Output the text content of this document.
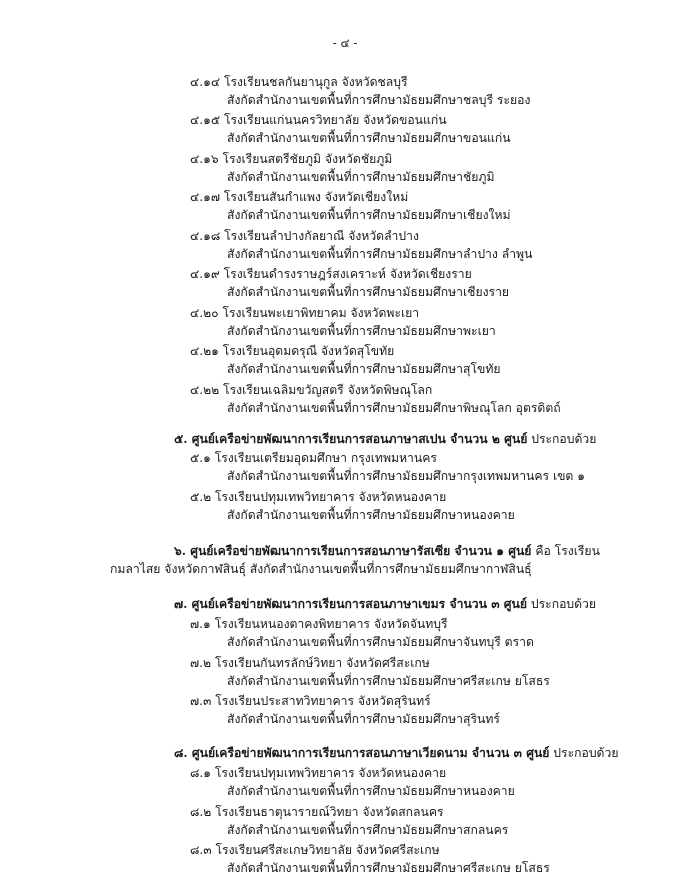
- ๔ -
๔.๑๔ โรงเรียนชลกันยานุกูล จังหวัดชลบุรี
สังกัดสำนักงานเขตพื้นที่การศึกษามัธยมศึกษาชลบุรี ระยอง
๔.๑๕ โรงเรียนแก่นนครวิทยาลัย จังหวัดขอนแก่น
สังกัดสำนักงานเขตพื้นที่การศึกษามัธยมศึกษาขอนแก่น
๔.๑๖ โรงเรียนสตรีชัยภูมิ จังหวัดชัยภูมิ
สังกัดสำนักงานเขตพื้นที่การศึกษามัธยมศึกษาชัยภูมิ
๔.๑๗ โรงเรียนสันกำแพง จังหวัดเชียงใหม่
สังกัดสำนักงานเขตพื้นที่การศึกษามัธยมศึกษาเชียงใหม่
๔.๑๘ โรงเรียนลำปางกัลยาณี จังหวัดลำปาง
สังกัดสำนักงานเขตพื้นที่การศึกษามัธยมศึกษาลำปาง ลำพูน
๔.๑๙ โรงเรียนดำรงราษฎร์สงเคราะห์ จังหวัดเชียงราย
สังกัดสำนักงานเขตพื้นที่การศึกษามัธยมศึกษาเชียงราย
๔.๒๐ โรงเรียนพะเยาพิทยาคม จังหวัดพะเยา
สังกัดสำนักงานเขตพื้นที่การศึกษามัธยมศึกษาพะเยา
๔.๒๑ โรงเรียนอุดมดรุณี จังหวัดสุโขทัย
สังกัดสำนักงานเขตพื้นที่การศึกษามัธยมศึกษาสุโขทัย
๔.๒๒ โรงเรียนเฉลิมขวัญสตรี จังหวัดพิษณุโลก
สังกัดสำนักงานเขตพื้นที่การศึกษามัธยมศึกษาพิษณุโลก อุตรดิตถ์
๕. ศูนย์เครือข่ายพัฒนาการเรียนการสอนภาษาสเปน จำนวน ๒ ศูนย์ ประกอบด้วย
๕.๑ โรงเรียนเตรียมอุดมศึกษา กรุงเทพมหานคร
สังกัดสำนักงานเขตพื้นที่การศึกษามัธยมศึกษากรุงเทพมหานคร เขต ๑
๕.๒ โรงเรียนปทุมเทพวิทยาคาร จังหวัดหนองคาย
สังกัดสำนักงานเขตพื้นที่การศึกษามัธยมศึกษาหนองคาย
๖. ศูนย์เครือข่ายพัฒนาการเรียนการสอนภาษารัสเซีย จำนวน ๑ ศูนย์ คือ โรงเรียน
กมลาไสย จังหวัดกาฬสินธุ์ สังกัดสำนักงานเขตพื้นที่การศึกษามัธยมศึกษากาฬสินธุ์
๗. ศูนย์เครือข่ายพัฒนาการเรียนการสอนภาษาเขมร จำนวน ๓ ศูนย์ ประกอบด้วย
๗.๑ โรงเรียนหนองตาคงพิทยาคาร จังหวัดจันทบุรี
สังกัดสำนักงานเขตพื้นที่การศึกษามัธยมศึกษาจันทบุรี ตราด
๗.๒ โรงเรียนกันทรลักษ์วิทยา จังหวัดศรีสะเกษ
สังกัดสำนักงานเขตพื้นที่การศึกษามัธยมศึกษาศรีสะเกษ ยโสธร
๗.๓ โรงเรียนประสาทวิทยาคาร จังหวัดสุรินทร์
สังกัดสำนักงานเขตพื้นที่การศึกษามัธยมศึกษาสุรินทร์
๘. ศูนย์เครือข่ายพัฒนาการเรียนการสอนภาษาเวียดนาม จำนวน ๓ ศูนย์ ประกอบด้วย
๘.๑ โรงเรียนปทุมเทพวิทยาคาร จังหวัดหนองคาย
สังกัดสำนักงานเขตพื้นที่การศึกษามัธยมศึกษาหนองคาย
๘.๒ โรงเรียนธาตุนารายณ์วิทยา จังหวัดสกลนคร
สังกัดสำนักงานเขตพื้นที่การศึกษามัธยมศึกษาสกลนคร
๘.๓ โรงเรียนศรีสะเกษวิทยาลัย จังหวัดศรีสะเกษ
สังกัดสำนักงานเขตพื้นที่การศึกษามัธยมศึกษาศรีสะเกษ ยโสธร
